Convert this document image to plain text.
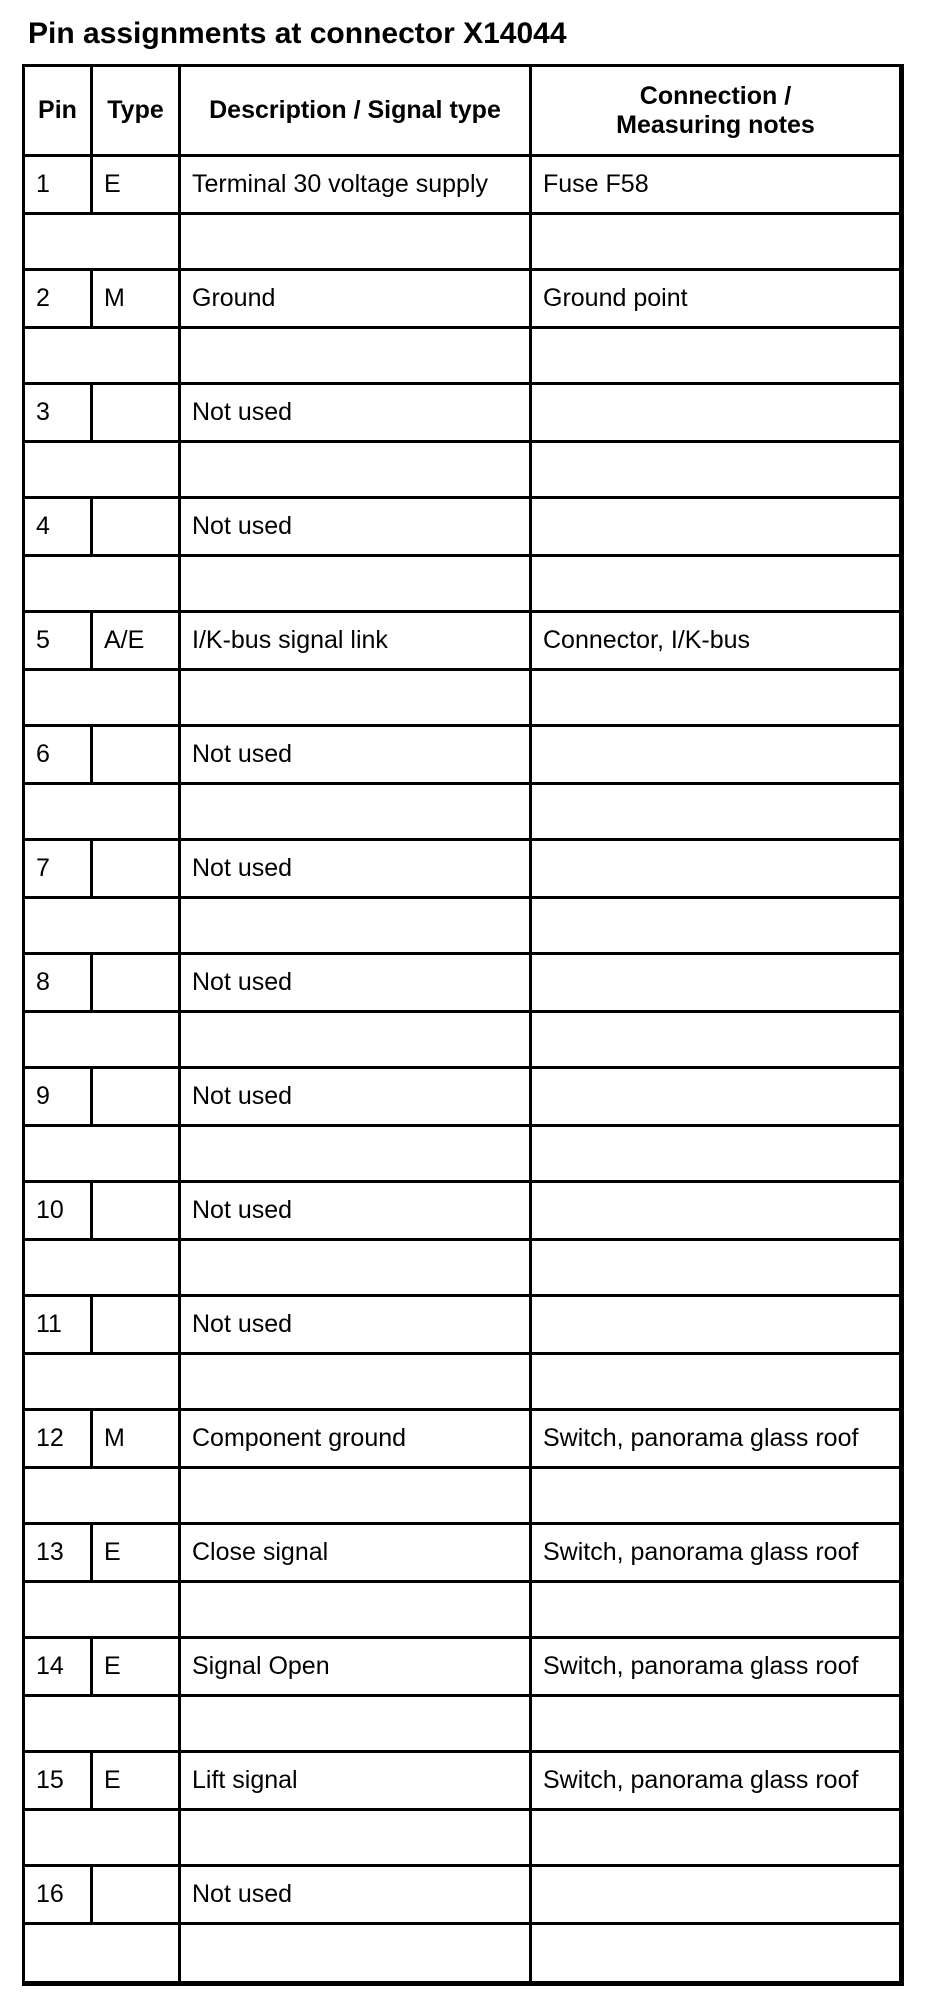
Pin assignments at connector X14044
Pin	Type	Description / Signal type	Connection /
Measuring notes
1	E	Terminal 30 voltage supply	Fuse F58

2	M	Ground	Ground point

3		Not used	

4		Not used	

5	A/E	I/K-bus signal link	Connector, I/K-bus

6		Not used	

7		Not used	

8		Not used	

9		Not used	

10		Not used	

11		Not used	

12	M	Component ground	Switch, panorama glass roof

13	E	Close signal	Switch, panorama glass roof

14	E	Signal Open	Switch, panorama glass roof

15	E	Lift signal	Switch, panorama glass roof

16		Not used	
